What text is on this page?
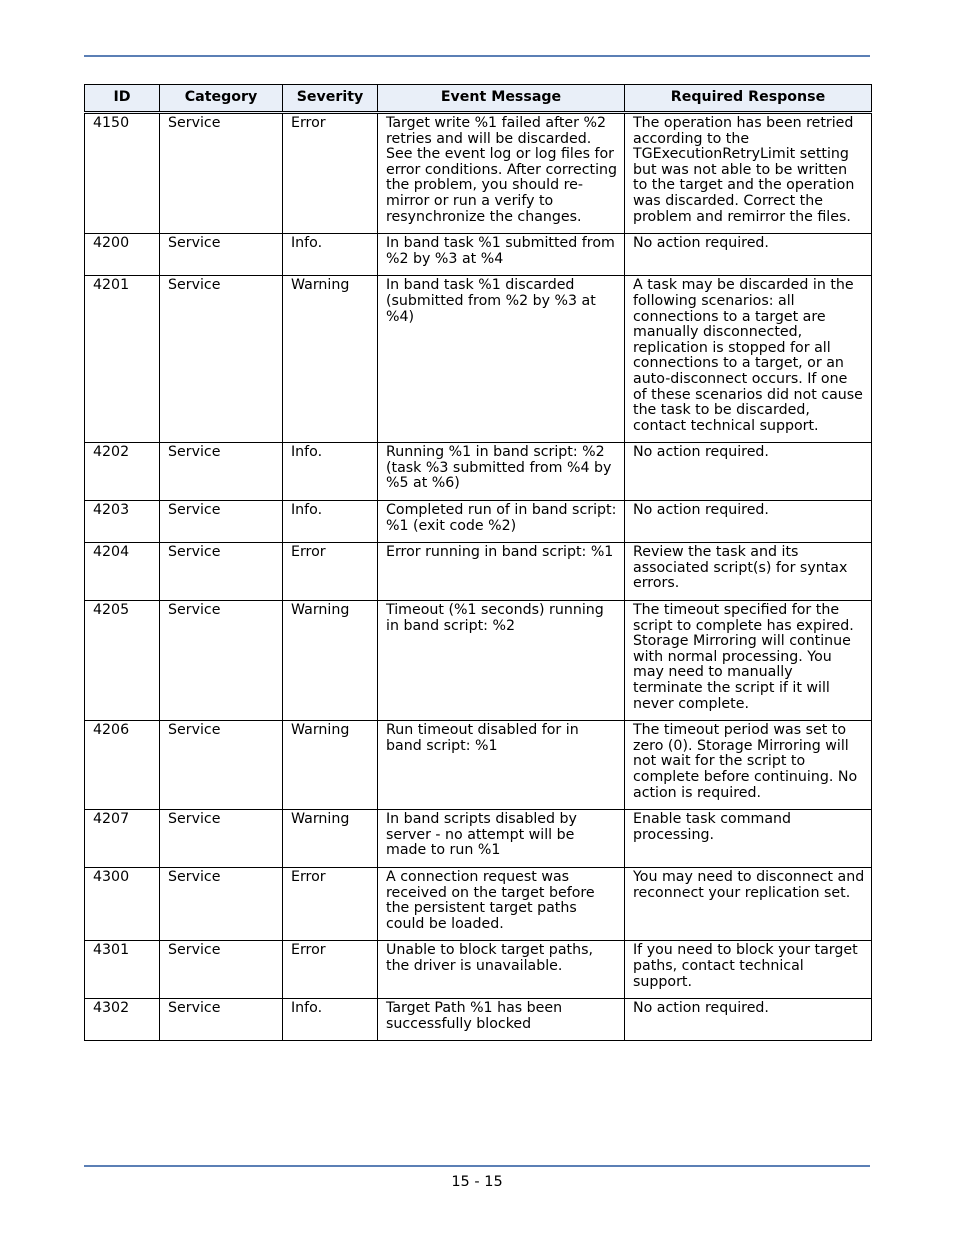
ID	Category	Severity	Event Message	Required Response
4150	Service	Error	Target write %1 failed after %2 retries and will be discarded. See the event log or log files for error conditions. After correcting the problem, you should re-mirror or run a verify to resynchronize the changes.	The operation has been retried according to the TGExecutionRetryLimit setting but was not able to be written to the target and the operation was discarded. Correct the problem and remirror the files.
4200	Service	Info.	In band task %1 submitted from %2 by %3 at %4	No action required.
4201	Service	Warning	In band task %1 discarded (submitted from %2 by %3 at %4)	A task may be discarded in the following scenarios: all connections to a target are manually disconnected, replication is stopped for all connections to a target, or an auto-disconnect occurs. If one of these scenarios did not cause the task to be discarded, contact technical support.
4202	Service	Info.	Running %1 in band script: %2 (task %3 submitted from %4 by %5 at %6)	No action required.
4203	Service	Info.	Completed run of in band script: %1 (exit code %2)	No action required.
4204	Service	Error	Error running in band script: %1	Review the task and its associated script(s) for syntax errors.
4205	Service	Warning	Timeout (%1 seconds) running in band script: %2	The timeout specified for the script to complete has expired. Storage Mirroring will continue with normal processing. You may need to manually terminate the script if it will never complete.
4206	Service	Warning	Run timeout disabled for in band script: %1	The timeout period was set to zero (0). Storage Mirroring will not wait for the script to complete before continuing. No action is required.
4207	Service	Warning	In band scripts disabled by server - no attempt will be made to run %1	Enable task command processing.
4300	Service	Error	A connection request was received on the target before the persistent target paths could be loaded.	You may need to disconnect and reconnect your replication set.
4301	Service	Error	Unable to block target paths, the driver is unavailable.	If you need to block your target paths, contact technical support.
4302	Service	Info.	Target Path %1 has been successfully blocked	No action required.
15 - 15
